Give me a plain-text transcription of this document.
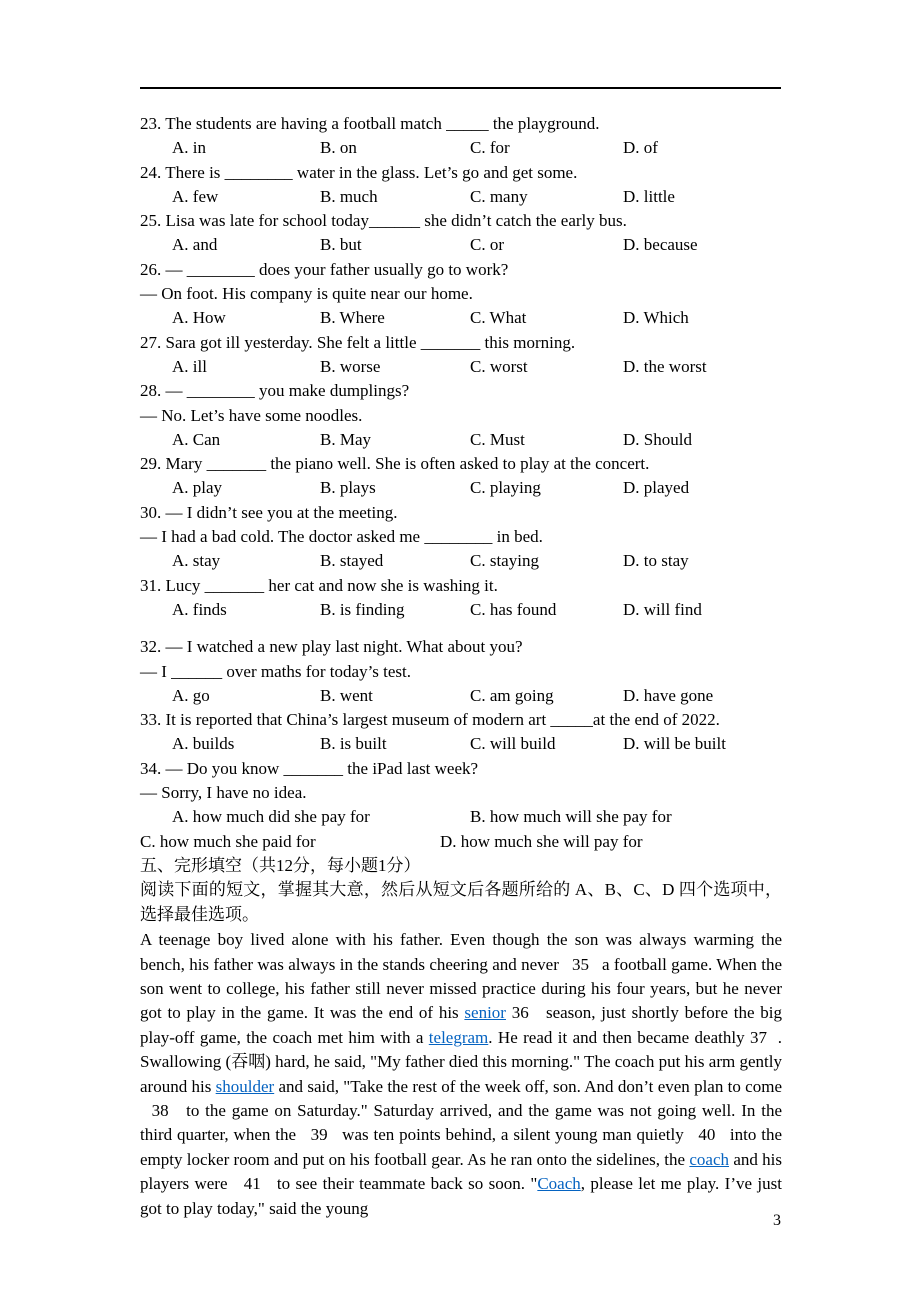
23. The students are having a football match _____ the playground.
A. in	B. on	C. for	D. of
24. There is ________ water in the glass. Let’s go and get some.
A. few	B. much	C. many	D. little
25. Lisa was late for school today______ she didn’t catch the early bus.
A. and	B. but	C. or	D. because
26. — ________ does your father usually go to work?
— On foot. His company is quite near our home.
A. How	B. Where	C. What	D. Which
27. Sara got ill yesterday. She felt a little _______ this morning.
A. ill	B. worse	C. worst	D. the worst
28. — ________ you make dumplings?
— No. Let’s have some noodles.
A. Can	B. May	C. Must	D. Should
29. Mary _______ the piano well. She is often asked to play at the concert.
A. play	B. plays	C. playing	D. played
30. — I didn’t see you at the meeting.
— I had a bad cold. The doctor asked me ________ in bed.
A. stay	B. stayed	C. staying	D. to stay
31. Lucy _______ her cat and now she is washing it.
A. finds	B. is finding	C. has found	D. will find
32. — I watched a new play last night. What about you?
— I ______ over maths for today’s test.
A. go	B. went	C. am going	D. have gone
33. It is reported that China’s largest museum of modern art _____at the end of 2022.
A. builds	B. is built	C. will build	D. will be built
34. — Do you know _______ the iPad last week?
— Sorry, I have no idea.
A. how much did she pay for	B. how much will she pay for
C. how much she paid for	D. how much she will pay for
五、完形填空（共12分，每小题1分）
阅读下面的短文，掌握其大意，然后从短文后各题所给的 A、B、C、D 四个选项中，选择最佳选项。

A teenage boy lived alone with his father. Even though the son was always warming the bench, his father was always in the stands cheering and never   35   a football game. When the son went to college, his father still never missed practice during his four years, but he never got to play in the game. It was the end of his senior 36   season, just shortly before the big play-off game, the coach met him with a telegram. He read it and then became deathly 37  . Swallowing (吞咽) hard, he said, "My father died this morning." The coach put his arm gently around his shoulder and said, "Take the rest of the week off, son. And don’t even plan to come   38   to the game on Saturday." Saturday arrived, and the game was not going well. In the third quarter, when the   39   was ten points behind, a silent young man quietly   40   into the empty locker room and put on his football gear. As he ran onto the sidelines, the coach and his players were   41   to see their teammate back so soon. "Coach, please let me play. I’ve just got to play today," said the young

3
